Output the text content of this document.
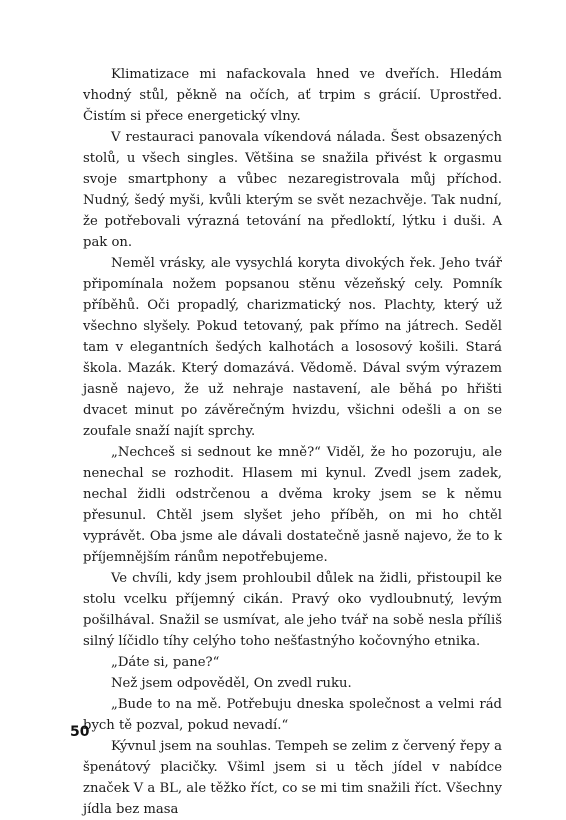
Klimatizace mi nafackovala hned ve dveřích. Hledám vhodný stůl, pěkně na očích, ať trpim s grácií. Uprostřed. Čistím si přece energetický vlny.

V restauraci panovala víkendová nálada. Šest obsazených stolů, u všech singles. Většina se snažila přivést k orgasmu svoje smartphony a vůbec nezaregistrovala můj příchod. Nudný, šedý myši, kvůli kterým se svět nezachvěje. Tak nudní, že potřebovali výrazná tetování na předloktí, lýtku i duši. A pak on.

Neměl vrásky, ale vysychlá koryta divokých řek. Jeho tvář připomínala nožem popsanou stěnu vězeňský cely. Pomník příběhů. Oči propadlý, charizmatický nos. Plachty, který už všechno slyšely. Pokud tetovaný, pak přímo na játrech. Seděl tam v elegantních šedých kalhotách a lososový košili. Stará škola. Mazák. Který domazává. Vědomě. Dával svým výrazem jasně najevo, že už nehraje nastavení, ale běhá po hřišti dvacet minut po závěrečným hvizdu, všichni odešli a on se zoufale snaží najít sprchy.

„Nechceš si sednout ke mně?“ Viděl, že ho pozoruju, ale nenechal se rozhodit. Hlasem mi kynul. Zvedl jsem zadek, nechal židli odstrčenou a dvěma kroky jsem se k němu přesunul. Chtěl jsem slyšet jeho příběh, on mi ho chtěl vyprávět. Oba jsme ale dávali dostatečně jasně najevo, že to k příjemnějším ránům nepotřebujeme.

Ve chvíli, kdy jsem prohloubil důlek na židli, přistoupil ke stolu vcelku příjemný cikán. Pravý oko vydloubnutý, levým pošilhával. Snažil se usmívat, ale jeho tvář na sobě nesla příliš silný líčidlo tíhy celýho toho nešťastnýho kočovnýho etnika.

„Dáte si, pane?“

Než jsem odpověděl, On zvedl ruku.

„Bude to na mě. Potřebuju dneska společnost a velmi rád bych tě pozval, pokud nevadí.“

Kývnul jsem na souhlas. Tempeh se zelim z červený řepy a špenátový placičky. Všiml jsem si u těch jídel v nabídce značek V a BL, ale těžko říct, co se mi tim snažili říct. Všechny jídla bez masa

50
